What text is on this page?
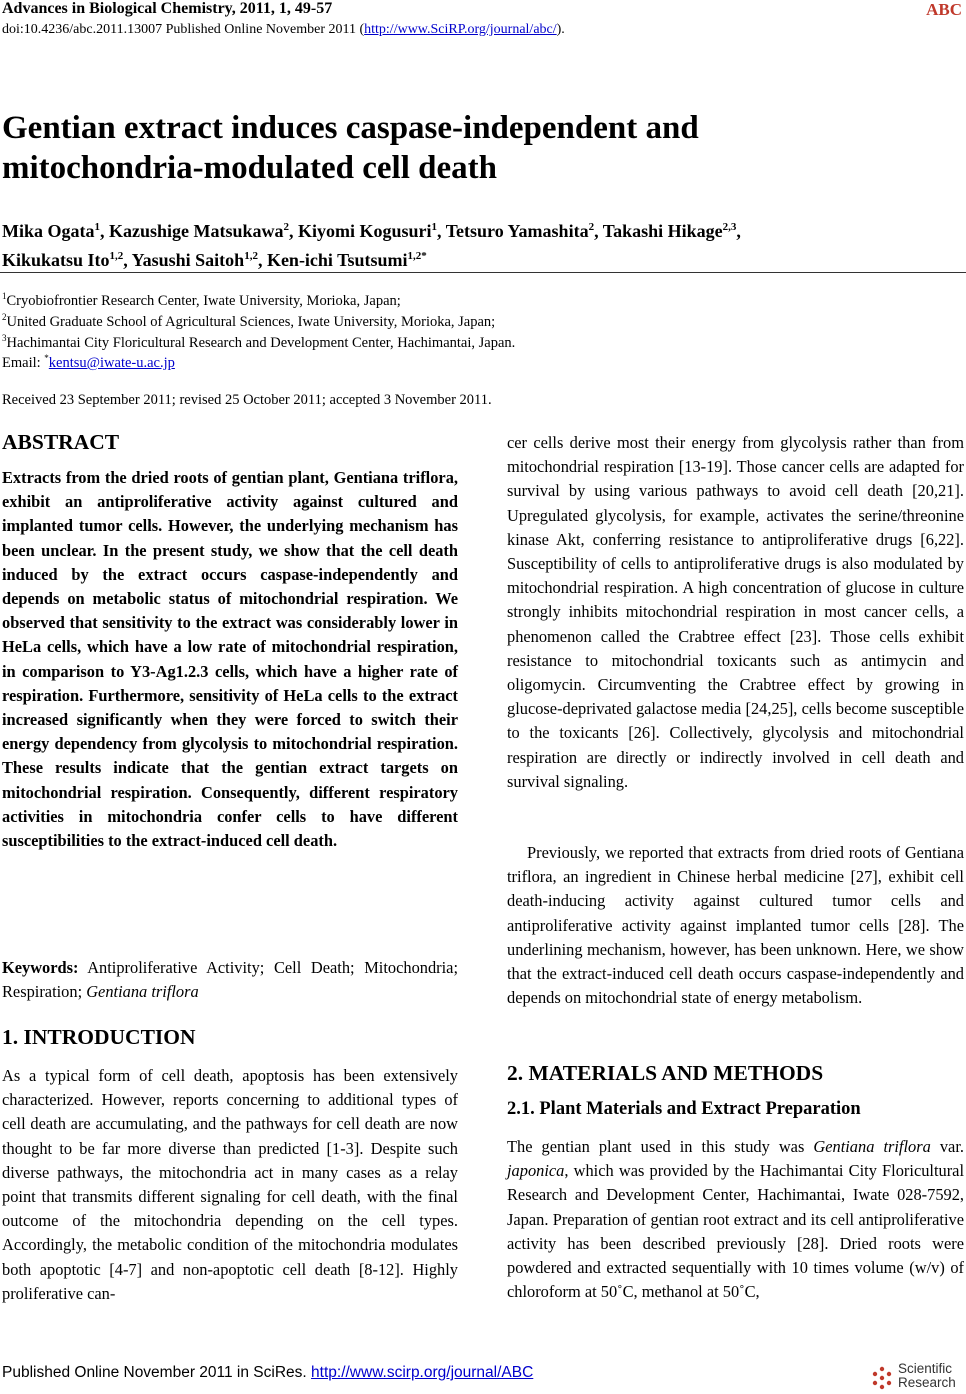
Advances in Biological Chemistry, 2011, 1, 49-57	ABC
doi:10.4236/abc.2011.13007 Published Online November 2011 (http://www.SciRP.org/journal/abc/).
Gentian extract induces caspase-independent and
mitochondria-modulated cell death
Mika Ogata$^1$, Kazushige Matsukawa$^2$, Kiyomi Kogusuri$^1$, Tetsuro Yamashita$^2$, Takashi Hikage$^{2,3}$,
Kikukatsu Ito$^{1,2}$, Yasushi Saitoh$^{1,2}$, Ken-ichi Tsutsumi$^{1,2*}$
$^1$Cryobiofrontier Research Center, Iwate University, Morioka, Japan;
$^2$United Graduate School of Agricultural Sciences, Iwate University, Morioka, Japan;
$^3$Hachimantai City Floricultural Research and Development Center, Hachimantai, Japan.
Email: *kentsu@iwate-u.ac.jp
Received 23 September 2011; revised 25 October 2011; accepted 3 November 2011.
ABSTRACT
Extracts from the dried roots of gentian plant, Gentiana triflora, exhibit an antiproliferative activity against cultured and implanted tumor cells. However, the underlying mechanism has been unclear. In the present study, we show that the cell death induced by the extract occurs caspase-independently and depends on metabolic status of mitochondrial respiration. We observed that sensitivity to the extract was considerably lower in HeLa cells, which have a low rate of mitochondrial respiration, in comparison to Y3-Ag1.2.3 cells, which have a higher rate of respiration. Furthermore, sensitivity of HeLa cells to the extract increased significantly when they were forced to switch their energy dependency from glycolysis to mitochondrial respiration. These results indicate that the gentian extract targets on mitochondrial respiration. Consequently, different respiratory activities in mitochondria confer cells to have different susceptibilities to the extract-induced cell death.
Keywords: Antiproliferative Activity; Cell Death; Mitochondria; Respiration; Gentiana triflora
1. INTRODUCTION
As a typical form of cell death, apoptosis has been extensively characterized. However, reports concerning to additional types of cell death are accumulating, and the pathways for cell death are now thought to be far more diverse than predicted [1-3]. Despite such diverse pathways, the mitochondria act in many cases as a relay point that transmits different signaling for cell death, with the final outcome of the mitochondria depending on the cell types. Accordingly, the metabolic condition of the mitochondria modulates both apoptotic [4-7] and non-apoptotic cell death [8-12]. Highly proliferative can-
cer cells derive most their energy from glycolysis rather than from mitochondrial respiration [13-19]. Those cancer cells are adapted for survival by using various pathways to avoid cell death [20,21]. Upregulated glycolysis, for example, activates the serine/threonine kinase Akt, conferring resistance to antiproliferative drugs [6,22]. Susceptibility of cells to antiproliferative drugs is also modulated by mitochondrial respiration. A high concentration of glucose in culture strongly inhibits mitochondrial respiration in most cancer cells, a phenomenon called the Crabtree effect [23]. Those cells exhibit resistance to mitochondrial toxicants such as antimycin and oligomycin. Circumventing the Crabtree effect by growing in glucose-deprivated galactose media [24,25], cells become susceptible to the toxicants [26]. Collectively, glycolysis and mitochondrial respiration are directly or indirectly involved in cell death and survival signaling.
Previously, we reported that extracts from dried roots of Gentiana triflora, an ingredient in Chinese herbal medicine [27], exhibit cell death-inducing activity against cultured tumor cells and antiproliferative activity against implanted tumor cells [28]. The underlining mechanism, however, has been unknown. Here, we show that the extract-induced cell death occurs caspase-independently and depends on mitochondrial state of energy metabolism.
2. MATERIALS AND METHODS
2.1. Plant Materials and Extract Preparation
The gentian plant used in this study was Gentiana triflora var. japonica, which was provided by the Hachimantai City Floricultural Research and Development Center, Hachimantai, Iwate 028-7592, Japan. Preparation of gentian root extract and its cell antiproliferative activity has been described previously [28]. Dried roots were powdered and extracted sequentially with 10 times volume (w/v) of chloroform at 50˚C, methanol at 50˚C,
Published Online November 2011 in SciRes. http://www.scirp.org/journal/ABC	Scientific
Research
